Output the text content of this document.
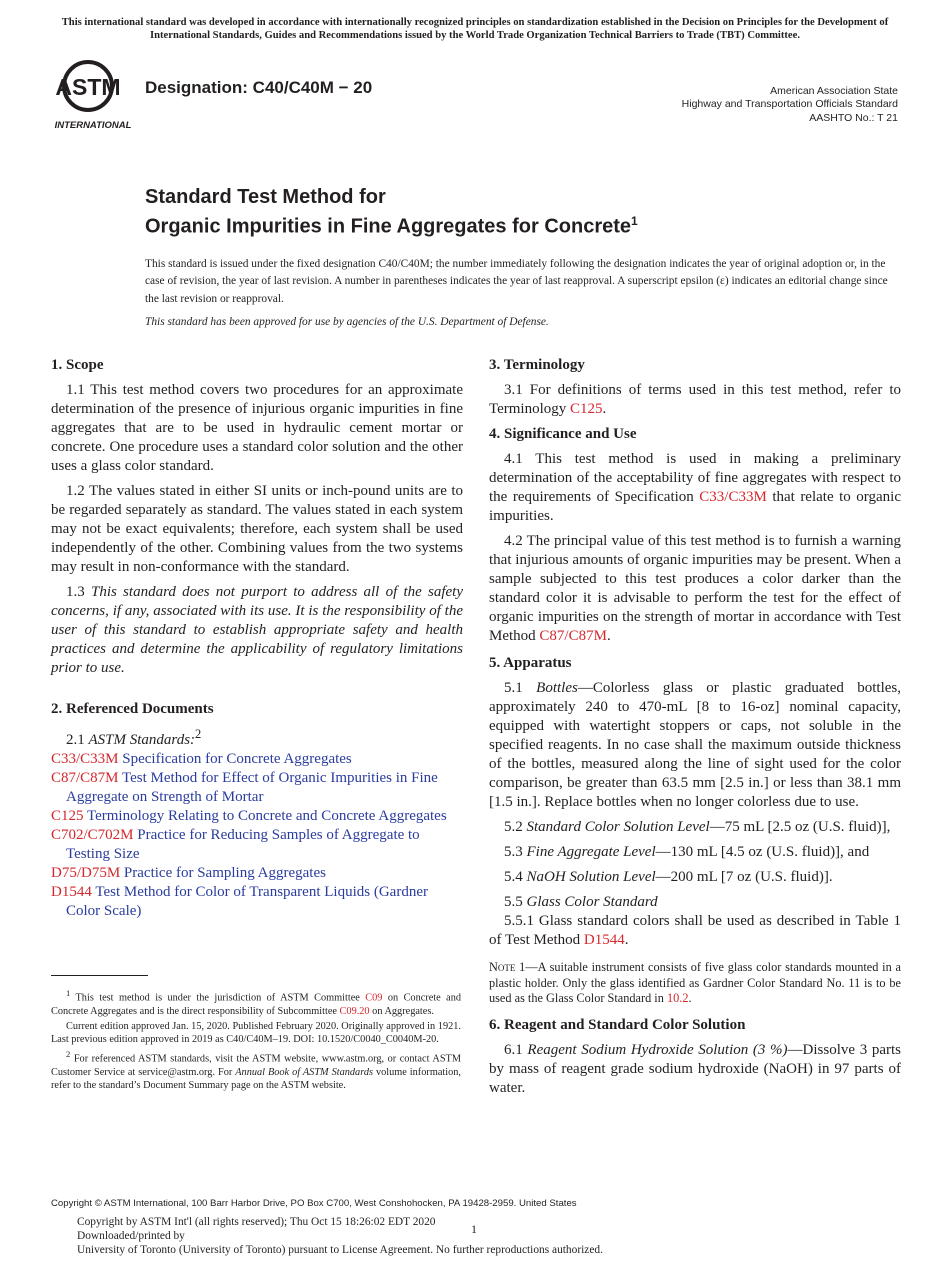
This international standard was developed in accordance with internationally recognized principles on standardization established in the Decision on Principles for the Development of International Standards, Guides and Recommendations issued by the World Trade Organization Technical Barriers to Trade (TBT) Committee.
ASTM
INTERNATIONAL
Designation: C40/C40M − 20	American Association State
Highway and Transportation Officials Standard
AASHTO No.: T 21
Standard Test Method for
Organic Impurities in Fine Aggregates for Concrete$^1$

This standard is issued under the fixed designation C40/C40M; the number immediately following the designation indicates the year of original adoption or, in the case of revision, the year of last revision. A number in parentheses indicates the year of last reapproval. A superscript epsilon (ε) indicates an editorial change since the last revision or reapproval.

This standard has been approved for use by agencies of the U.S. Department of Defense.

1. Scope

1.1 This test method covers two procedures for an approximate determination of the presence of injurious organic impurities in fine aggregates that are to be used in hydraulic cement mortar or concrete. One procedure uses a standard color solution and the other uses a glass color standard.

1.2 The values stated in either SI units or inch-pound units are to be regarded separately as standard. The values stated in each system may not be exact equivalents; therefore, each system shall be used independently of the other. Combining values from the two systems may result in non-conformance with the standard.

1.3 This standard does not purport to address all of the safety concerns, if any, associated with its use. It is the responsibility of the user of this standard to establish appropriate safety and health practices and determine the applicability of regulatory limitations prior to use.

2. Referenced Documents

2.1 ASTM Standards:$^2$

C33/C33M Specification for Concrete Aggregates
C87/C87M Test Method for Effect of Organic Impurities in Fine Aggregate on Strength of Mortar
C125 Terminology Relating to Concrete and Concrete Aggregates
C702/C702M Practice for Reducing Samples of Aggregate to Testing Size
D75/D75M Practice for Sampling Aggregates
D1544 Test Method for Color of Transparent Liquids (Gardner Color Scale)

$^1$ This test method is under the jurisdiction of ASTM Committee C09 on Concrete and Concrete Aggregates and is the direct responsibility of Subcommittee C09.20 on Aggregates.

Current edition approved Jan. 15, 2020. Published February 2020. Originally approved in 1921. Last previous edition approved in 2019 as C40/C40M–19. DOI: 10.1520/C0040_C0040M-20.

$^2$ For referenced ASTM standards, visit the ASTM website, www.astm.org, or contact ASTM Customer Service at service@astm.org. For Annual Book of ASTM Standards volume information, refer to the standard’s Document Summary page on the ASTM website.

3. Terminology

3.1 For definitions of terms used in this test method, refer to Terminology C125.

4. Significance and Use

4.1 This test method is used in making a preliminary determination of the acceptability of fine aggregates with respect to the requirements of Specification C33/C33M that relate to organic impurities.

4.2 The principal value of this test method is to furnish a warning that injurious amounts of organic impurities may be present. When a sample subjected to this test produces a color darker than the standard color it is advisable to perform the test for the effect of organic impurities on the strength of mortar in accordance with Test Method C87/C87M.

5. Apparatus

5.1 Bottles—Colorless glass or plastic graduated bottles, approximately 240 to 470-mL [8 to 16-oz] nominal capacity, equipped with watertight stoppers or caps, not soluble in the specified reagents. In no case shall the maximum outside thickness of the bottles, measured along the line of sight used for the color comparison, be greater than 63.5 mm [2.5 in.] or less than 38.1 mm [1.5 in.]. Replace bottles when no longer colorless due to use.

5.2 Standard Color Solution Level—75 mL [2.5 oz (U.S. fluid)],

5.3 Fine Aggregate Level—130 mL [4.5 oz (U.S. fluid)], and

5.4 NaOH Solution Level—200 mL [7 oz (U.S. fluid)].

5.5 Glass Color Standard

5.5.1 Glass standard colors shall be used as described in Table 1 of Test Method D1544.

Note 1—A suitable instrument consists of five glass color standards mounted in a plastic holder. Only the glass identified as Gardner Color Standard No. 11 is to be used as the Glass Color Standard in 10.2.

6. Reagent and Standard Color Solution

6.1 Reagent Sodium Hydroxide Solution (3 %)—Dissolve 3 parts by mass of reagent grade sodium hydroxide (NaOH) in 97 parts of water.

Copyright © ASTM International, 100 Barr Harbor Drive, PO Box C700, West Conshohocken, PA 19428-2959. United States

Copyright by ASTM Int'l (all rights reserved); Thu Oct 15 18:26:02 EDT 2020

Downloaded/printed by

University of Toronto (University of Toronto) pursuant to License Agreement. No further reproductions authorized.

1
